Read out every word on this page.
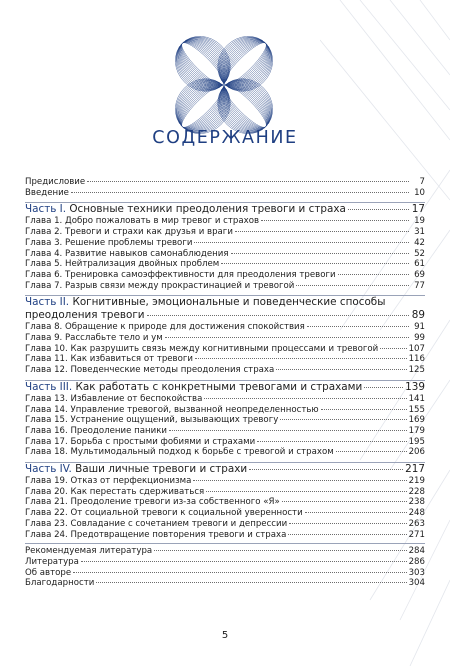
СОДЕРЖАНИЕ
Предисловие	7
Введение	10
Часть I. Основные техники преодоления тревоги и страха	17
Глава 1. Добро пожаловать в мир тревог и страхов	19
Глава 2. Тревоги и страхи как друзья и враги	31
Глава 3. Решение проблемы тревоги	42
Глава 4. Развитие навыков самонаблюдения	52
Глава 5. Нейтрализация двойных проблем	61
Глава 6. Тренировка самоэффективности для преодоления тревоги	69
Глава 7. Разрыв связи между прокрастинацией и тревогой	77
Часть II. Когнитивные, эмоциональные и поведенческие способы
преодоления тревоги	89
Глава 8. Обращение к природе для достижения спокойствия	91
Глава 9. Расслабьте тело и ум	99
Глава 10. Как разрушить связь между когнитивными процессами и тревогой	107
Глава 11. Как избавиться от тревоги	116
Глава 12. Поведенческие методы преодоления страха	125
Часть III. Как работать с конкретными тревогами и страхами	139
Глава 13. Избавление от беспокойства	141
Глава 14. Управление тревогой, вызванной неопределенностью	155
Глава 15. Устранение ощущений, вызывающих тревогу	169
Глава 16. Преодоление паники	179
Глава 17. Борьба с простыми фобиями и страхами	195
Глава 18. Мультимодальный подход к борьбе с тревогой и страхом	206
Часть IV. Ваши личные тревоги и страхи	217
Глава 19. Отказ от перфекционизма	219
Глава 20. Как перестать сдерживаться	228
Глава 21. Преодоление тревоги из-за собственного «Я»	238
Глава 22. От социальной тревоги к социальной уверенности	248
Глава 23. Совладание с сочетанием тревоги и депрессии	263
Глава 24. Предотвращение повторения тревоги и страха	271
Рекомендуемая литература	284
Литература	286
Об авторе	303
Благодарности	304
5
